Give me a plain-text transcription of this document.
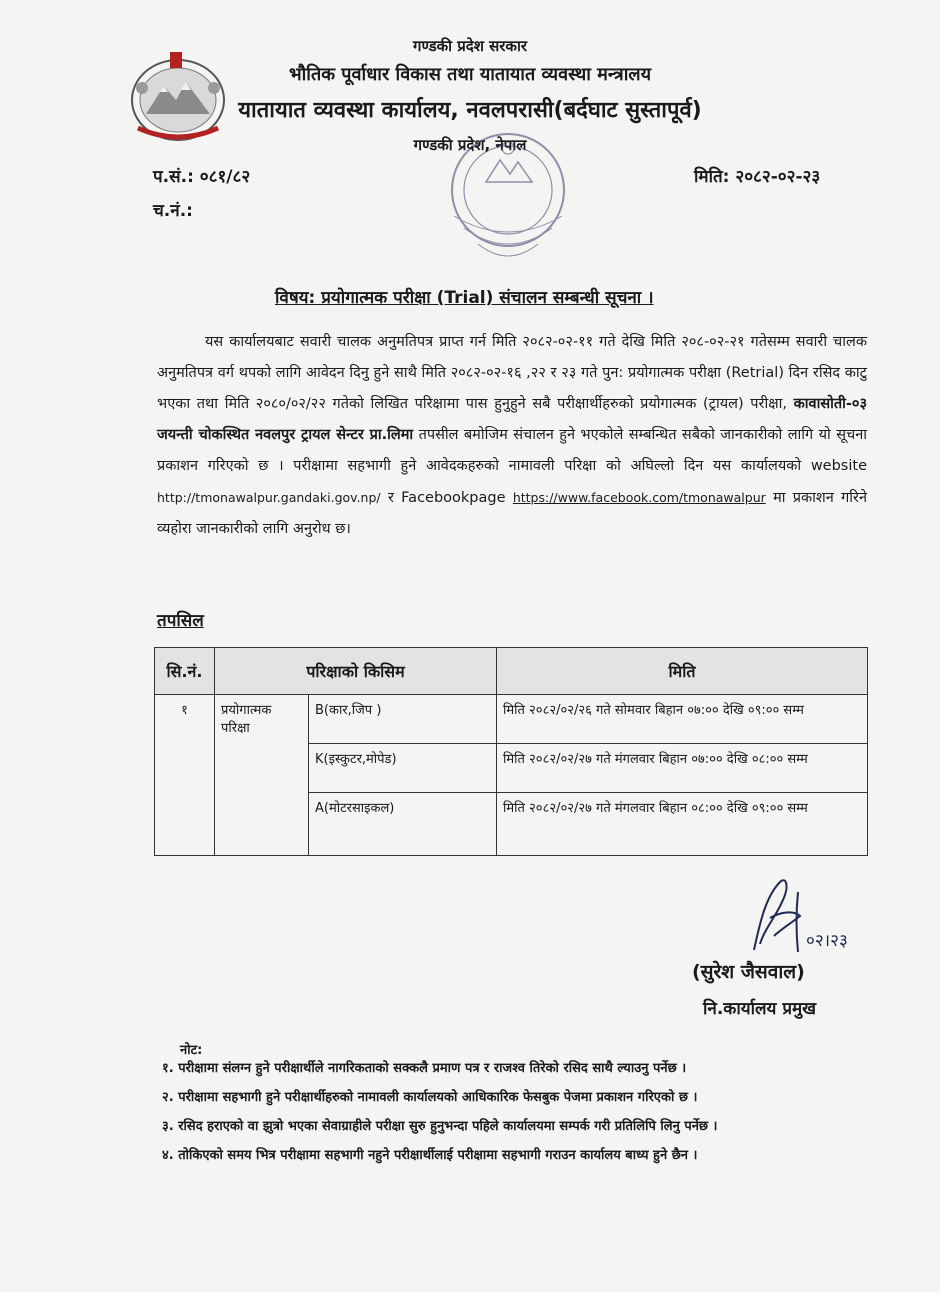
गण्डकी प्रदेश सरकार
भौतिक पूर्वाधार विकास तथा यातायात व्यवस्था मन्त्रालय
यातायात व्यवस्था कार्यालय, नवलपरासी(बर्दघाट सुस्तापूर्व)
गण्डकी प्रदेश, नेपाल
प.सं.: ०८१/८२
च.नं.:
मिति: २०८२-०२-२३
विषय: प्रयोगात्मक परीक्षा (Trial) संचालन सम्बन्धी सूचना ।
यस कार्यालयबाट सवारी चालक अनुमतिपत्र प्राप्त गर्न मिति २०८२-०२-११ गते देखि मिति २०८-०२-२१ गतेसम्म सवारी चालक अनुमतिपत्र वर्ग थपको लागि आवेदन दिनु हुने साथै मिति २०८२-०२-१६ ,२२ र २३ गते पुन: प्रयोगात्मक परीक्षा (Retrial) दिन रसिद काटु भएका तथा मिति २०८०/०२/२२ गतेको लिखित परिक्षामा पास हुनुहुने सबै परीक्षार्थीहरुको प्रयोगात्मक (ट्रायल) परीक्षा, कावासोती-०३ जयन्ती चोकस्थित नवलपुर ट्रायल सेन्टर प्रा.लिमा तपसील बमोजिम संचालन हुने भएकोले सम्बन्धित सबैको जानकारीको लागि यो सूचना प्रकाशन गरिएको छ । परीक्षामा सहभागी हुने आवेदकहरुको नामावली परिक्षा को अघिल्लो दिन यस कार्यालयको website http://tmonawalpur.gandaki.gov.np/ र Facebookpage https://www.facebook.com/tmonawalpur मा प्रकाशन गरिने व्यहोरा जानकारीको लागि अनुरोध छ।
तपसिल
सि.नं.	परिक्षाको किसिम		मिति
१	प्रयोगात्मक परिक्षा	B(कार,जिप )	मिति २०८२/०२/२६ गते सोमवार बिहान ०७:०० देखि ०९:०० सम्म
		K(इस्कुटर,मोपेड)	मिति २०८२/०२/२७ गते मंगलवार बिहान ०७:०० देखि ०८:०० सम्म
		A(मोटरसाइकल)	मिति २०८२/०२/२७ गते मंगलवार बिहान ०८:०० देखि ०९:०० सम्म
०२।२३
(सुरेश जैसवाल)
नि.कार्यालय प्रमुख
नोट:
१. परीक्षामा संलग्न हुने परीक्षार्थीले नागरिकताको सक्कलै प्रमाण पत्र र राजश्व तिरेको रसिद साथै ल्याउनु पर्नेछ ।
२. परीक्षामा सहभागी हुने परीक्षार्थीहरुको नामावली कार्यालयको आधिकारिक फेसबुक पेजमा प्रकाशन गरिएको छ ।
३. रसिद हराएको वा झुत्रो भएका सेवाग्राहीले परीक्षा सुरु हुनुभन्दा पहिले कार्यालयमा सम्पर्क गरी प्रतिलिपि लिनु पर्नेछ ।
४. तोकिएको समय भित्र परीक्षामा सहभागी नहुने परीक्षार्थीलाई परीक्षामा सहभागी गराउन कार्यालय बाध्य हुने छैन ।
